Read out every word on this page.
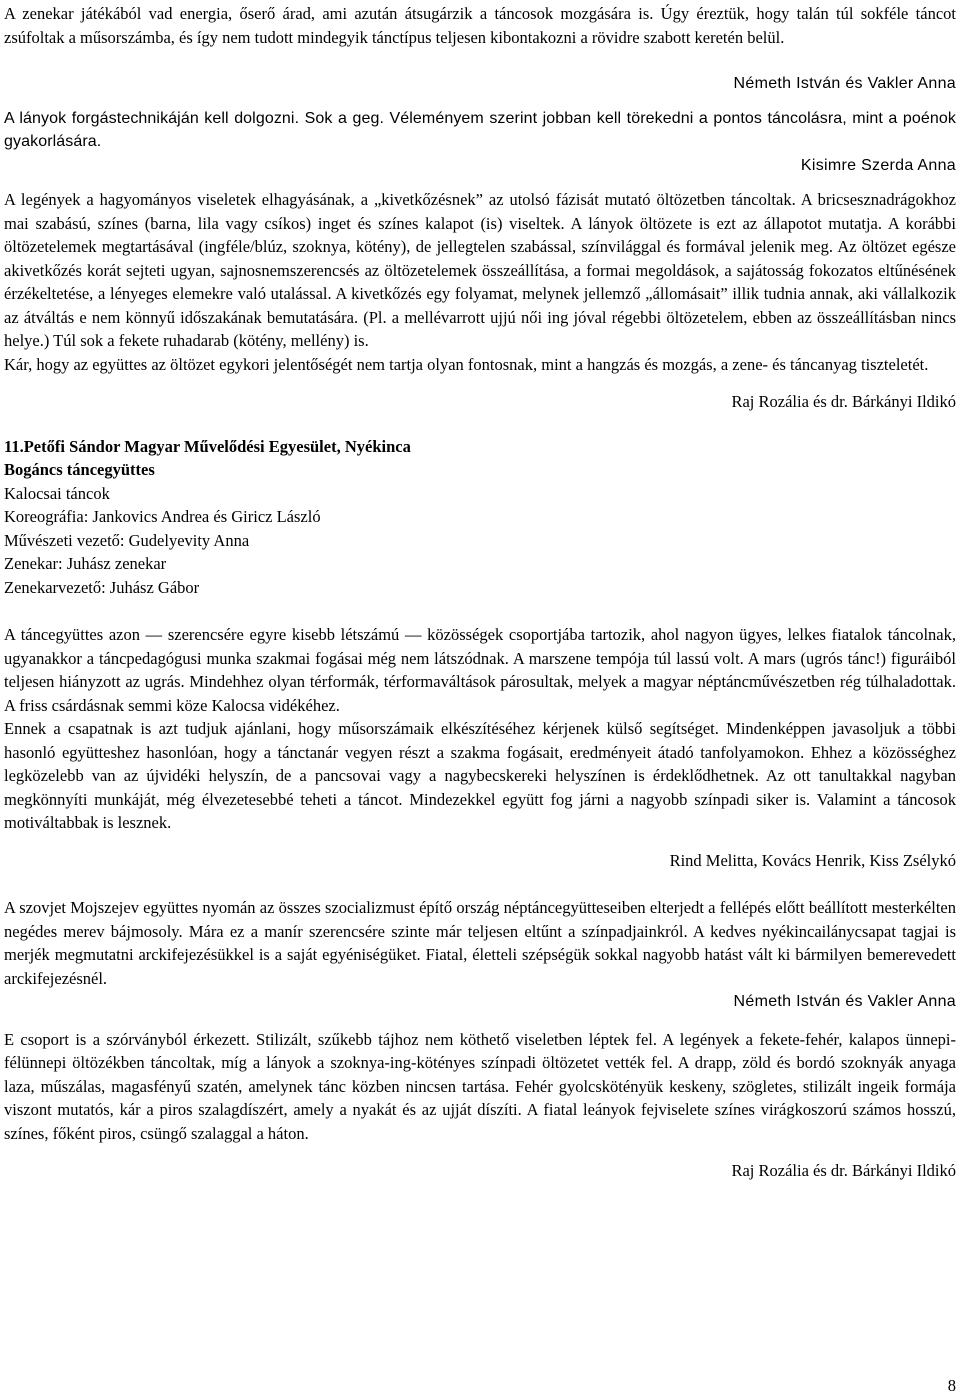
A zenekar játékából vad energia, őserő árad, ami azután átsugárzik a táncosok mozgására is. Úgy éreztük, hogy talán túl sokféle táncot zsúfoltak a műsorszámba, és így nem tudott mindegyik tánctípus teljesen kibontakozni a rövidre szabott keretén belül.

Németh István és Vakler Anna

A lányok forgástechnikáján kell dolgozni. Sok a geg. Véleményem szerint jobban kell törekedni a pontos táncolásra, mint a poénok gyakorlására.

Kisimre Szerda Anna

A legények a hagyományos viseletek elhagyásának, a „kivetkőzésnek” az utolsó fázisát mutató öltözetben táncoltak. A bricsesznadrágokhoz mai szabású, színes (barna, lila vagy csíkos) inget és színes kalapot (is) viseltek. A lányok öltözete is ezt az állapotot mutatja. A korábbi öltözetelemek megtartásával (ingféle/blúz, szoknya, kötény), de jellegtelen szabással, színvilággal és formával jelenik meg. Az öltözet egésze akivetkőzés korát sejteti ugyan, sajnosnemszerencsés az öltözetelemek összeállítása, a formai megoldások, a sajátosság fokozatos eltűnésének érzékeltetése, a lényeges elemekre való utalással. A kivetkőzés egy folyamat, melynek jellemző „állomásait” illik tudnia annak, aki vállalkozik az átváltás e nem könnyű időszakának bemutatására. (Pl. a mellévarrott ujjú női ing jóval régebbi öltözetelem, ebben az összeállításban nincs helye.) Túl sok a fekete ruhadarab (kötény, mellény) is.

Kár, hogy az együttes az öltözet egykori jelentőségét nem tartja olyan fontosnak, mint a hangzás és mozgás, a zene- és táncanyag tiszteletét.

Raj Rozália és dr. Bárkányi Ildikó

11.Petőfi Sándor Magyar Művelődési Egyesület, Nyékinca

Bogáncs táncegyüttes

Kalocsai táncok

Koreográfia: Jankovics Andrea és Giricz László

Művészeti vezető: Gudelyevity Anna

Zenekar: Juhász zenekar

Zenekarvezető: Juhász Gábor

A táncegyüttes azon — szerencsére egyre kisebb létszámú — közösségek csoportjába tartozik, ahol nagyon ügyes, lelkes fiatalok táncolnak, ugyanakkor a táncpedagógusi munka szakmai fogásai még nem látszódnak. A marszene tempója túl lassú volt. A mars (ugrós tánc!) figuráiból teljesen hiányzott az ugrás. Mindehhez olyan térformák, térformaváltások párosultak, melyek a magyar néptáncművészetben rég túlhaladottak. A friss csárdásnak semmi köze Kalocsa vidékéhez.

Ennek a csapatnak is azt tudjuk ajánlani, hogy műsorszámaik elkészítéséhez kérjenek külső segítséget. Mindenképpen javasoljuk a többi hasonló együtteshez hasonlóan, hogy a tánctanár vegyen részt a szakma fogásait, eredményeit átadó tanfolyamokon. Ehhez a közösséghez legközelebb van az újvidéki helyszín, de a pancsovai vagy a nagybecskereki helyszínen is érdeklődhetnek. Az ott tanultakkal nagyban megkönnyíti munkáját, még élvezetesebbé teheti a táncot. Mindezekkel együtt fog járni a nagyobb színpadi siker is. Valamint a táncosok motiváltabbak is lesznek.

Rind Melitta, Kovács Henrik, Kiss Zsélykó

A szovjet Mojszejev együttes nyomán az összes szocializmust építő ország néptáncegyütteseiben elterjedt a fellépés előtt beállított mesterkélten negédes merev bájmosoly. Mára ez a manír szerencsére szinte már teljesen eltűnt a színpadjainkról. A kedves nyékincailánycsapat tagjai is merjék megmutatni arckifejezésükkel is a saját egyéniségüket. Fiatal, életteli szépségük sokkal nagyobb hatást vált ki bármilyen bemerevedett arckifejezésnél.

Németh István és Vakler Anna

E csoport is a szórványból érkezett. Stilizált, szűkebb tájhoz nem köthető viseletben léptek fel. A legények a fekete-fehér, kalapos ünnepi-félünnepi öltözékben táncoltak, míg a lányok a szoknya-ing-kötényes színpadi öltözetet vették fel. A drapp, zöld és bordó szoknyák anyaga laza, műszálas, magasfényű szatén, amelynek tánc közben nincsen tartása. Fehér gyolcskötényük keskeny, szögletes, stilizált ingeik formája viszont mutatós, kár a piros szalagdíszért, amely a nyakát és az ujját díszíti. A fiatal leányok fejviselete színes virágkoszorú számos hosszú, színes, főként piros, csüngő szalaggal a háton.

Raj Rozália és dr. Bárkányi Ildikó

8
